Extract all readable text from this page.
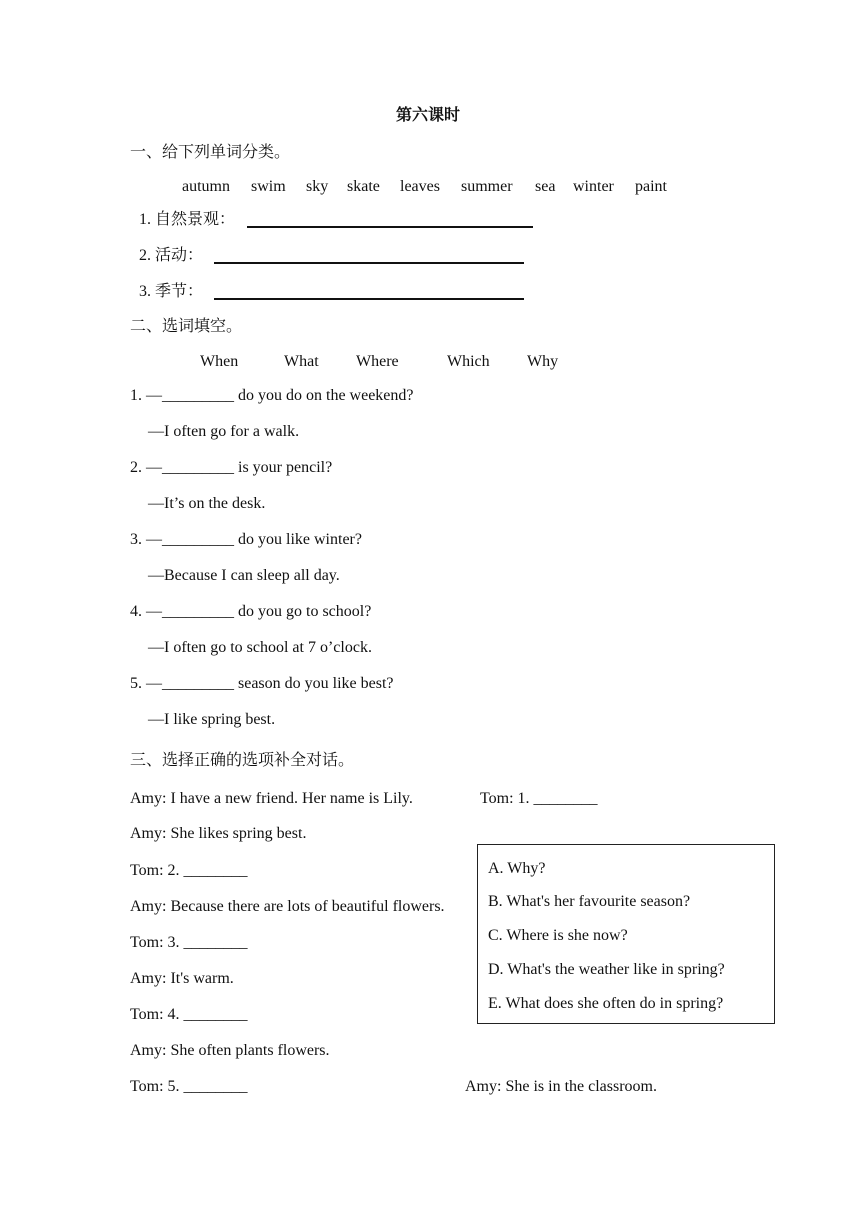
第六课时
一、给下列单词分类。
autumn swim sky skate leaves summer sea winter paint
1. 自然景观：
2. 活动：
3. 季节：
二、选词填空。
When	What Where	Which Why
1. —_________ do you do on the weekend?
—I often go for a walk.
2. —_________ is your pencil?
—It’s on the desk.
3. —_________ do you like winter?
—Because I can sleep all day.
4. —_________ do you go to school?
—I often go to school at 7 o’clock.
5. —_________ season do you like best?
—I like spring best.
三、选择正确的选项补全对话。
Amy: I have a new friend. Her name is Lily.	Tom: 1. ________
Amy: She likes spring best.
Tom: 2. ________
Amy: Because there are lots of beautiful flowers.
Tom: 3. ________
Amy: It's warm.
Tom: 4. ________
Amy: She often plants flowers.
Tom: 5. ________	Amy: She is in the classroom.
A. Why?
B. What's her favourite season?
C. Where is she now?
D. What's the weather like in spring?
E. What does she often do in spring?
